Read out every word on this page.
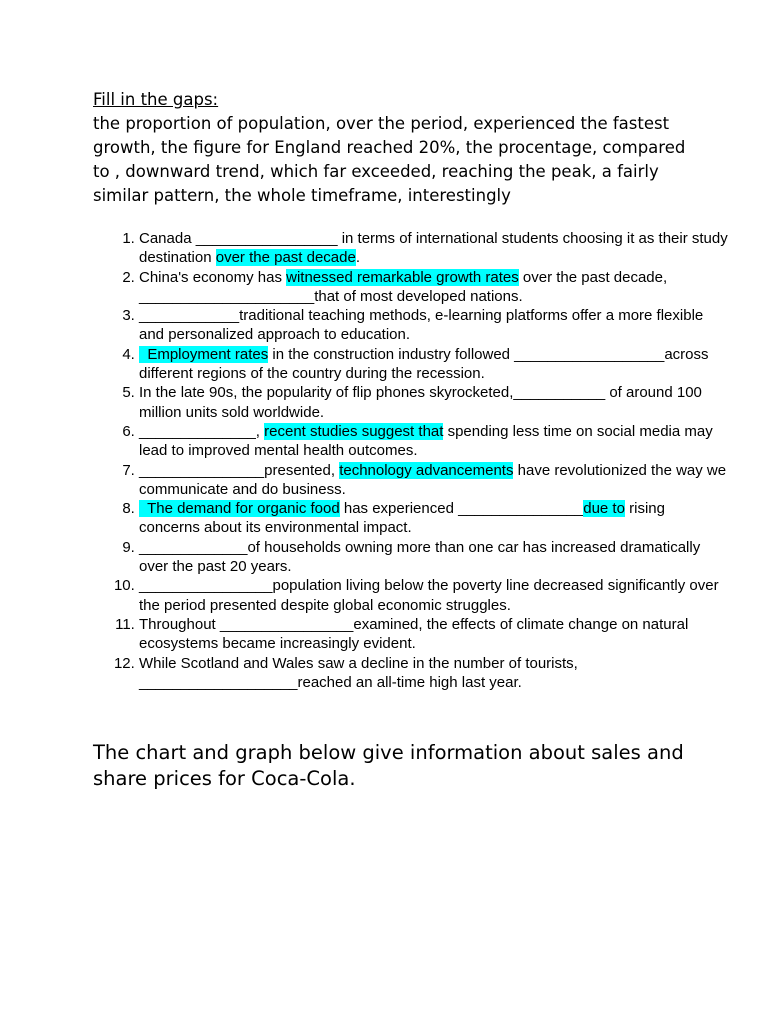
Fill in the gaps:
the proportion of population, over the period, experienced the fastest growth, the figure for England reached 20%, the procentage, compared to , downward trend, which far exceeded, reaching the peak, a fairly similar pattern, the whole timeframe, interestingly
1. Canada _________________ in terms of international students choosing it as their study destination over the past decade.
2. China's economy has witnessed remarkable growth rates over the past decade, _____________________that of most developed nations.
3. ____________traditional teaching methods, e-learning platforms offer a more flexible and personalized approach to education.
4.   Employment rates in the construction industry followed __________________across different regions of the country during the recession.
5. In the late 90s, the popularity of flip phones skyrocketed,___________ of around 100 million units sold worldwide.
6. ______________, recent studies suggest that spending less time on social media may lead to improved mental health outcomes.
7. _______________presented, technology advancements have revolutionized the way we communicate and do business.
8.   The demand for organic food has experienced _______________due to rising concerns about its environmental impact.
9. _____________of households owning more than one car has increased dramatically over the past 20 years.
10. ________________population living below the poverty line decreased significantly over the period presented despite global economic struggles.
11. Throughout ________________examined, the effects of climate change on natural ecosystems became increasingly evident.
12. While Scotland and Wales saw a decline in the number of tourists, ___________________reached an all-time high last year.
The chart and graph below give information about sales and share prices for Coca-Cola.
